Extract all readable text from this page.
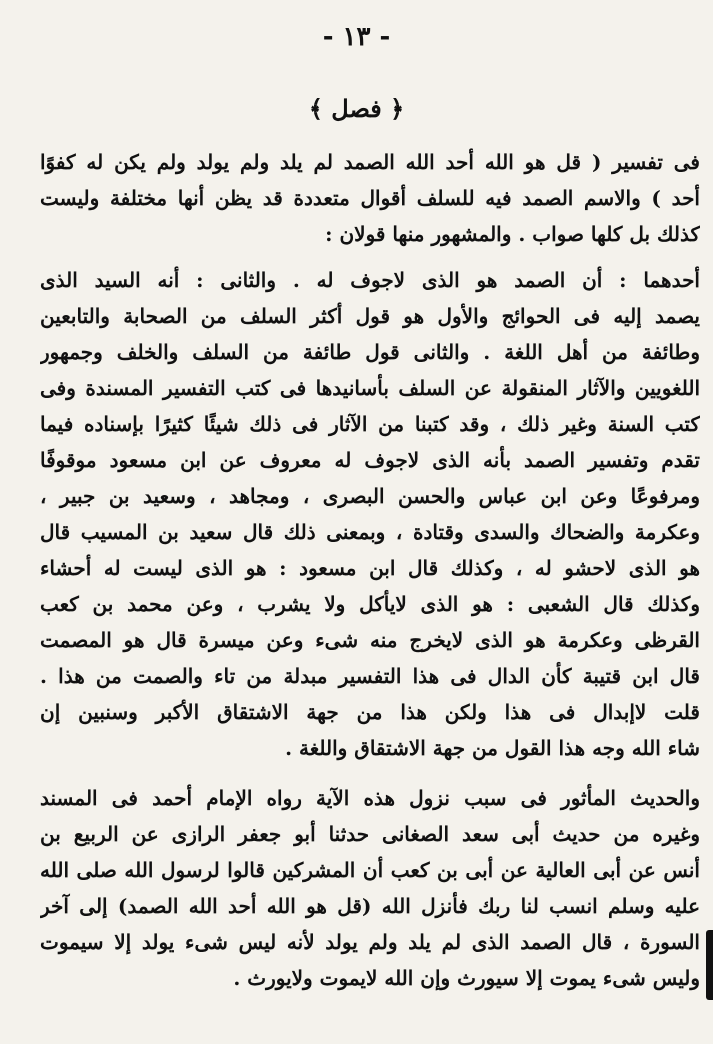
- ١٣ -
﴿ فصل ﴾
فى تفسير ( قل هو الله أحد الله الصمد لم يلد ولم يولد ولم يكن له كفوًا
أحد ) والاسم الصمد فيه للسلف أقوال متعددة قد يظن أنها مختلفة وليست
كذلك بل كلها صواب . والمشهور منها قولان :
أحدهما : أن الصمد هو الذى لاجوف له . والثانى : أنه السيد الذى
يصمد إليه فى الحوائج والأول هو قول أكثر السلف من الصحابة والتابعين
وطائفة من أهل اللغة . والثانى قول طائفة من السلف والخلف وجمهور
اللغويين والآثار المنقولة عن السلف بأسانيدها فى كتب التفسير المسندة وفى
كتب السنة وغير ذلك ، وقد كتبنا من الآثار فى ذلك شيئًا كثيرًا بإسناده فيما
تقدم وتفسير الصمد بأنه الذى لاجوف له معروف عن ابن مسعود موقوفًا
ومرفوعًا وعن ابن عباس والحسن البصرى ، ومجاهد ، وسعيد بن جبير ،
وعكرمة والضحاك والسدى وقتادة ، وبمعنى ذلك قال سعيد بن المسيب قال
هو الذى لاحشو له ، وكذلك قال ابن مسعود : هو الذى ليست له أحشاء
وكذلك قال الشعبى : هو الذى لايأكل ولا يشرب ، وعن محمد بن كعب
القرظى وعكرمة هو الذى لايخرج منه شىء وعن ميسرة قال هو المصمت
قال ابن قتيبة كأن الدال فى هذا التفسير مبدلة من تاء والصمت من هذا .
قلت لاإبدال فى هذا ولكن هذا من جهة الاشتقاق الأكبر وسنبين إن
شاء الله وجه هذا القول من جهة الاشتقاق واللغة .
والحديث المأثور فى سبب نزول هذه الآية رواه الإمام أحمد فى المسند
وغيره من حديث أبى سعد الصغانى حدثنا أبو جعفر الرازى عن الربيع بن
أنس عن أبى العالية عن أبى بن كعب أن المشركين قالوا لرسول الله صلى الله
عليه وسلم انسب لنا ربك فأنزل الله (قل هو الله أحد الله الصمد) إلى آخر
السورة ، قال الصمد الذى لم يلد ولم يولد لأنه ليس شىء يولد إلا سيموت
وليس شىء يموت إلا سيورث وإن الله لايموت ولايورث .
